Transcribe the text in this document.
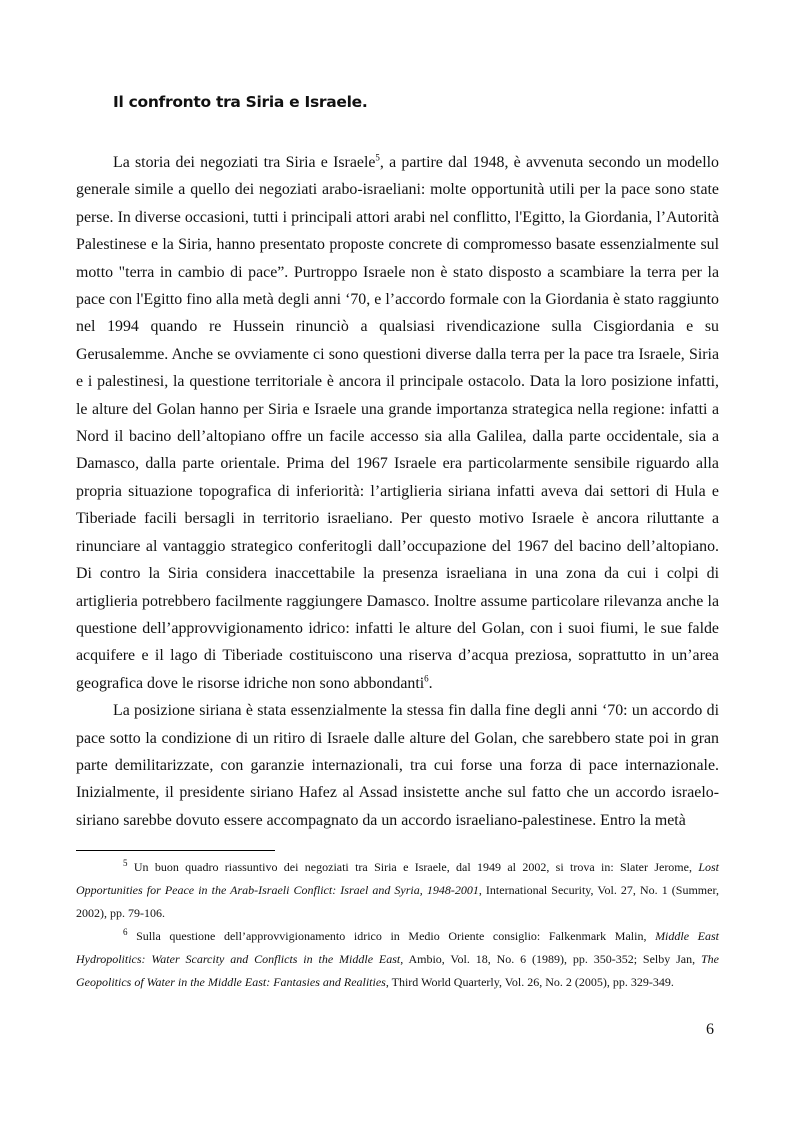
Il confronto tra Siria e Israele.

La storia dei negoziati tra Siria e Israele$^5$, a partire dal 1948, è avvenuta secondo un modello generale simile a quello dei negoziati arabo-israeliani: molte opportunità utili per la pace sono state perse. In diverse occasioni, tutti i principali attori arabi nel conflitto, l'Egitto, la Giordania, l’Autorità Palestinese e la Siria, hanno presentato proposte concrete di compromesso basate essenzialmente sul motto "terra in cambio di pace”. Purtroppo Israele non è stato disposto a scambiare la terra per la pace con l'Egitto fino alla metà degli anni ‘70, e l’accordo formale con la Giordania è stato raggiunto nel 1994 quando re Hussein rinunciò a qualsiasi rivendicazione sulla Cisgiordania e su Gerusalemme. Anche se ovviamente ci sono questioni diverse dalla terra per la pace tra Israele, Siria e i palestinesi, la questione territoriale è ancora il principale ostacolo. Data la loro posizione infatti, le alture del Golan hanno per Siria e Israele una grande importanza strategica nella regione: infatti a Nord il bacino dell’altopiano offre un facile accesso sia alla Galilea, dalla parte occidentale, sia a Damasco, dalla parte orientale. Prima del 1967 Israele era particolarmente sensibile riguardo alla propria situazione topografica di inferiorità: l’artiglieria siriana infatti aveva dai settori di Hula e Tiberiade facili bersagli in territorio israeliano. Per questo motivo Israele è ancora riluttante a rinunciare al vantaggio strategico conferitogli dall’occupazione del 1967 del bacino dell’altopiano. Di contro la Siria considera inaccettabile la presenza israeliana in una zona da cui i colpi di artiglieria potrebbero facilmente raggiungere Damasco. Inoltre assume particolare rilevanza anche la questione dell’approvvigionamento idrico: infatti le alture del Golan, con i suoi fiumi, le sue falde acquifere e il lago di Tiberiade costituiscono una riserva d’acqua preziosa, soprattutto in un’area geografica dove le risorse idriche non sono abbondanti$^6$.

La posizione siriana è stata essenzialmente la stessa fin dalla fine degli anni ‘70: un accordo di pace sotto la condizione di un ritiro di Israele dalle alture del Golan, che sarebbero state poi in gran parte demilitarizzate, con garanzie internazionali, tra cui forse una forza di pace internazionale. Inizialmente, il presidente siriano Hafez al Assad insistette anche sul fatto che un accordo israelo-siriano sarebbe dovuto essere accompagnato da un accordo israeliano-palestinese. Entro la metà

$^5$ Un buon quadro riassuntivo dei negoziati tra Siria e Israele, dal 1949 al 2002, si trova in: Slater Jerome, Lost Opportunities for Peace in the Arab-Israeli Conflict: Israel and Syria, 1948-2001, International Security, Vol. 27, No. 1 (Summer, 2002), pp. 79-106.

$^6$ Sulla questione dell’approvvigionamento idrico in Medio Oriente consiglio: Falkenmark Malin, Middle East Hydropolitics: Water Scarcity and Conflicts in the Middle East, Ambio, Vol. 18, No. 6 (1989), pp. 350-352; Selby Jan, The Geopolitics of Water in the Middle East: Fantasies and Realities, Third World Quarterly, Vol. 26, No. 2 (2005), pp. 329-349.

6
